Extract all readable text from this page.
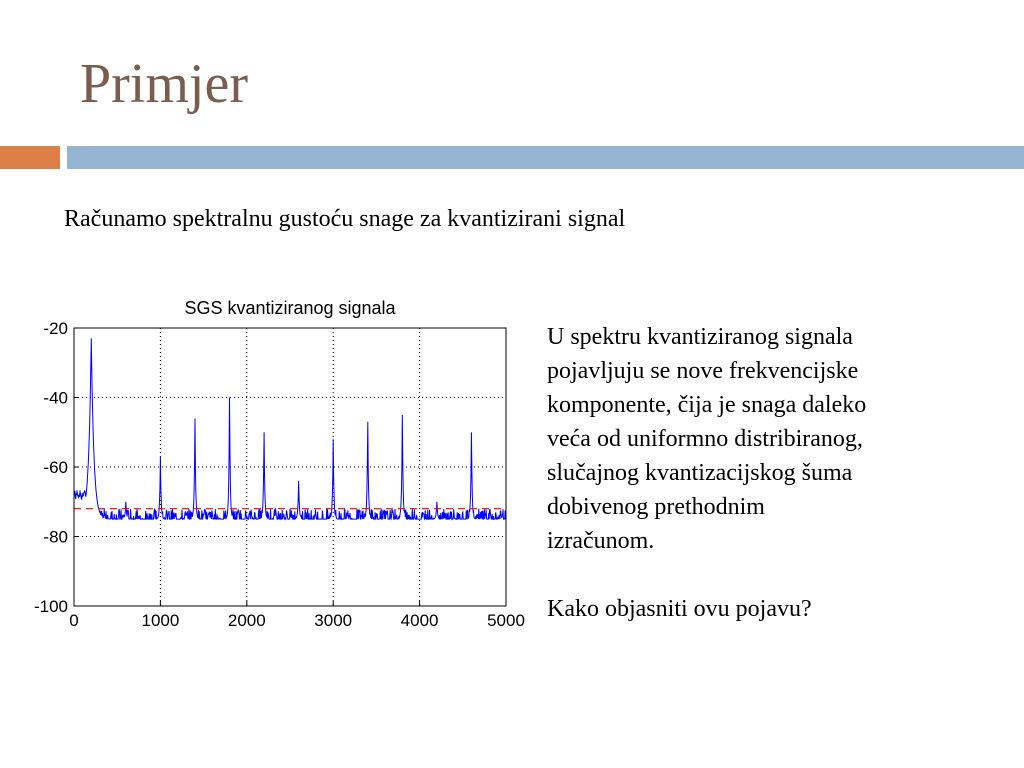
Primjer
Računamo spektralnu gustoću snage za kvantizirani signal
0	1000	2000	3000	4000	5000
-20
-40
-60
-80
-100
SGS kvantiziranog signala

U spektru kvantiziranog signala

pojavljuju se nove frekvencijske

komponente, čija je snaga daleko

veća od uniformno distribiranog,

slučajnog kvantizacijskog šuma

dobivenog prethodnim

izračunom.

Kako objasniti ovu pojavu?
